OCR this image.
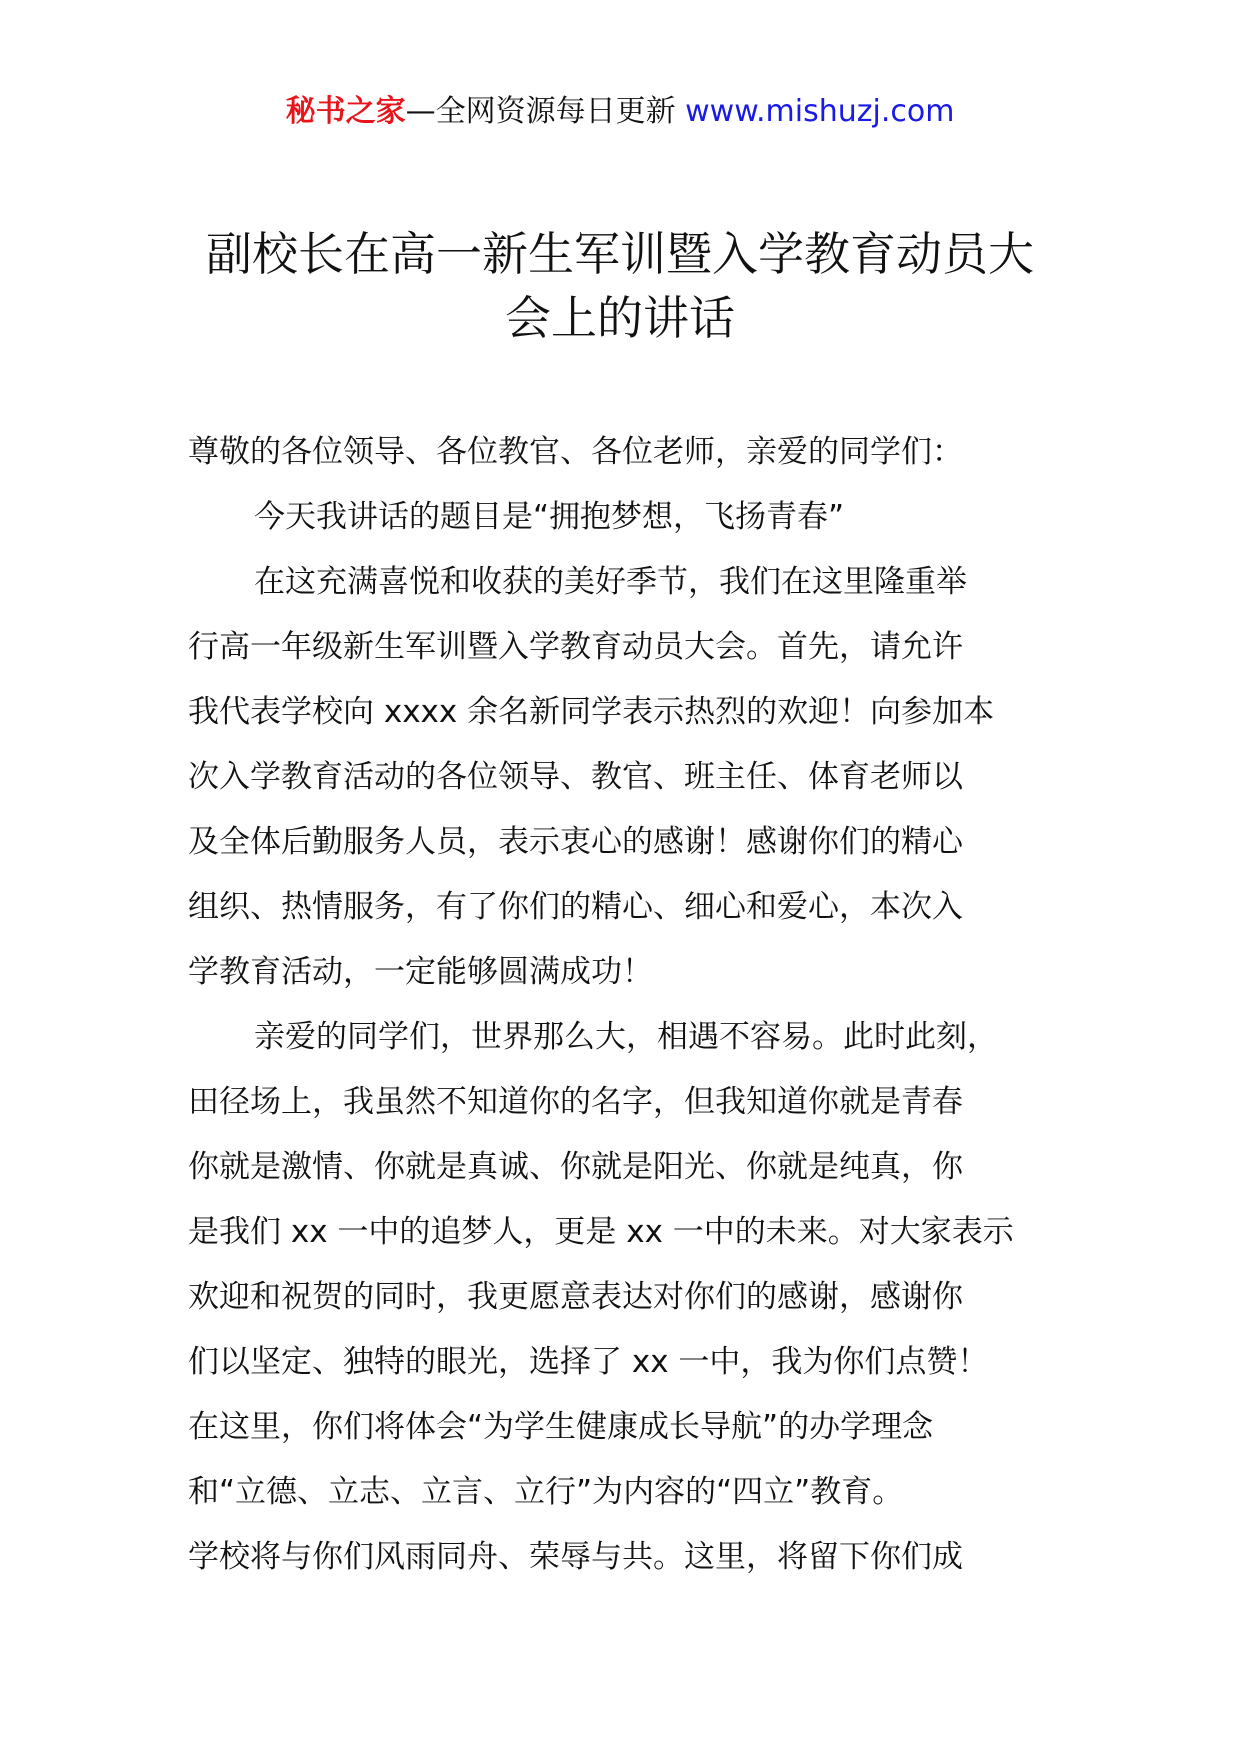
秘书之家—全网资源每日更新 www.mishuzj.com
副校长在高一新生军训暨入学教育动员大
会上的讲话
尊敬的各位领导、各位教官、各位老师，亲爱的同学们：
今天我讲话的题目是“拥抱梦想，飞扬青春”
在这充满喜悦和收获的美好季节，我们在这里隆重举
行高一年级新生军训暨入学教育动员大会。首先，请允许
我代表学校向 xxxx 余名新同学表示热烈的欢迎！向参加本
次入学教育活动的各位领导、教官、班主任、体育老师以
及全体后勤服务人员，表示衷心的感谢！感谢你们的精心
组织、热情服务，有了你们的精心、细心和爱心，本次入
学教育活动，一定能够圆满成功！
亲爱的同学们，世界那么大，相遇不容易。此时此刻，
田径场上，我虽然不知道你的名字，但我知道你就是青春
你就是激情、你就是真诚、你就是阳光、你就是纯真，你
是我们 xx 一中的追梦人，更是 xx 一中的未来。对大家表示
欢迎和祝贺的同时，我更愿意表达对你们的感谢，感谢你
们以坚定、独特的眼光，选择了 xx 一中，我为你们点赞！
在这里，你们将体会“为学生健康成长导航”的办学理念
和“立德、立志、立言、立行”为内容的“四立”教育。
学校将与你们风雨同舟、荣辱与共。这里，将留下你们成
